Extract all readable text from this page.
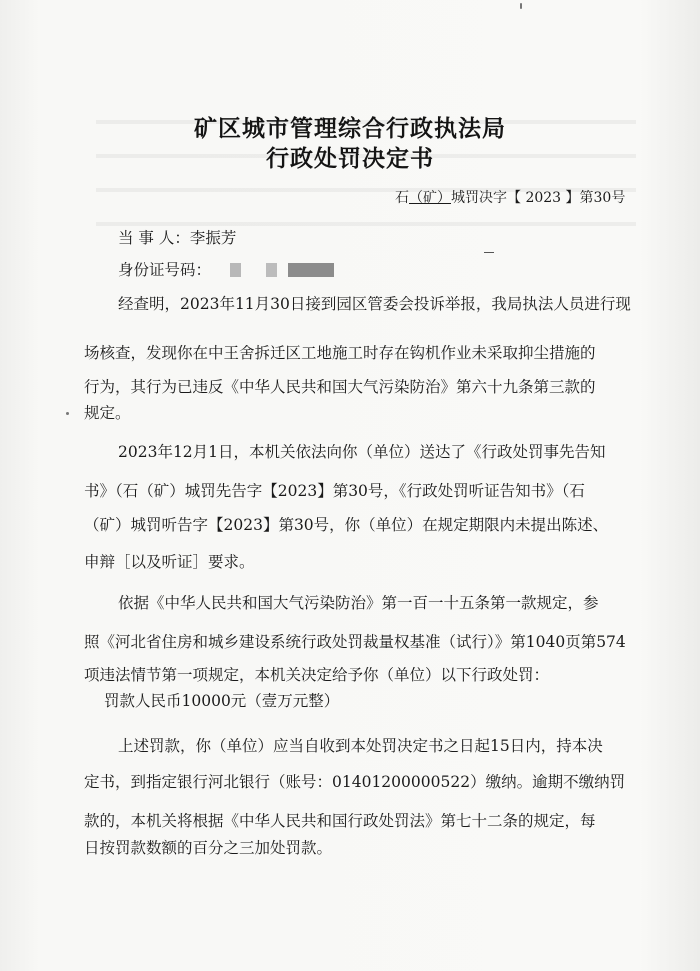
矿区城市管理综合行政执法局
行政处罚决定书
石（矿）城罚决字【 2023 】第30号
当 事 人：李振芳
身份证号码：
经查明，2023年11月30日接到园区管委会投诉举报，我局执法人员进行现
场核查，发现你在中王舍拆迁区工地施工时存在钩机作业未采取抑尘措施的
行为，其行为已违反《中华人民共和国大气污染防治》第六十九条第三款的
规定。
2023年12月1日，本机关依法向你（单位）送达了《行政处罚事先告知
书》（石（矿）城罚先告字【2023】第30号，《行政处罚听证告知书》（石
（矿）城罚听告字【2023】第30号，你（单位）在规定期限内未提出陈述、
申辩［以及听证］要求。
依据《中华人民共和国大气污染防治》第一百一十五条第一款规定，参
照《河北省住房和城乡建设系统行政处罚裁量权基准（试行）》第1040页第574
项违法情节第一项规定，本机关决定给予你（单位）以下行政处罚：
罚款人民币10000元（壹万元整）
上述罚款，你（单位）应当自收到本处罚决定书之日起15日内，持本决
定书，到指定银行河北银行（账号：01401200000522）缴纳。逾期不缴纳罚
款的，本机关将根据《中华人民共和国行政处罚法》第七十二条的规定，每
日按罚款数额的百分之三加处罚款。
